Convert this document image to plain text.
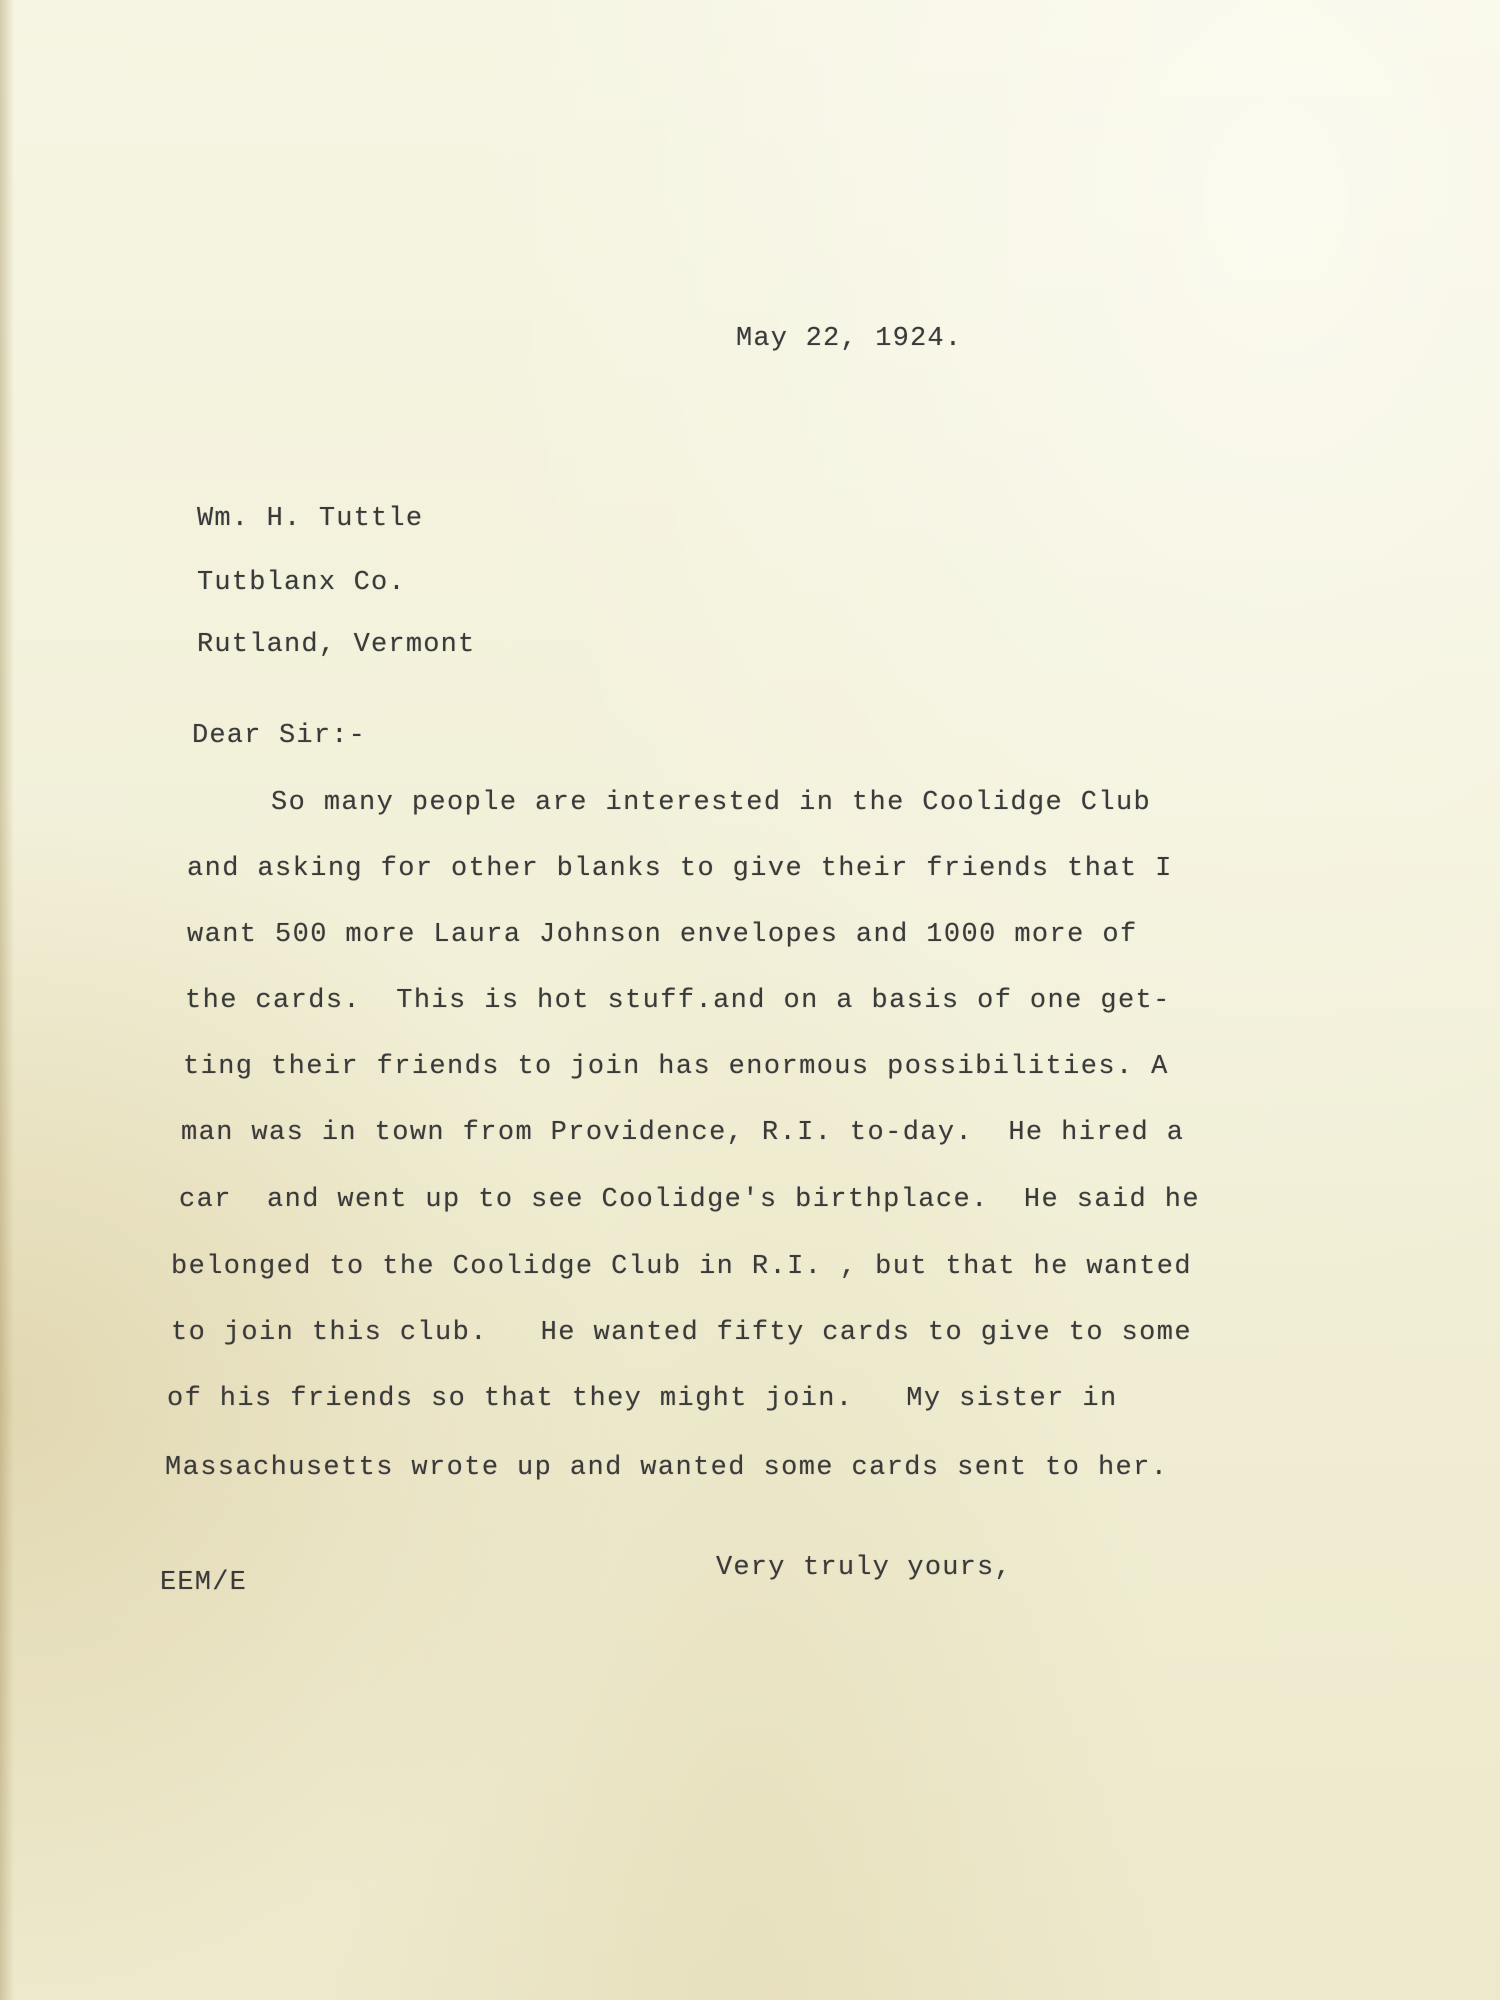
May 22, 1924.
Wm. H. Tuttle
Tutblanx Co.
Rutland, Vermont
Dear Sir:-
So many people are interested in the Coolidge Club
and asking for other blanks to give their friends that I
want 500 more Laura Johnson envelopes and 1000 more of
the cards.  This is hot stuff.and on a basis of one get-
ting their friends to join has enormous possibilities. A
man was in town from Providence, R.I. to-day.  He hired a
car  and went up to see Coolidge's birthplace.  He said he
belonged to the Coolidge Club in R.I. , but that he wanted
to join this club.   He wanted fifty cards to give to some
of his friends so that they might join.   My sister in
Massachusetts wrote up and wanted some cards sent to her.
EEM/E	Very truly yours,
